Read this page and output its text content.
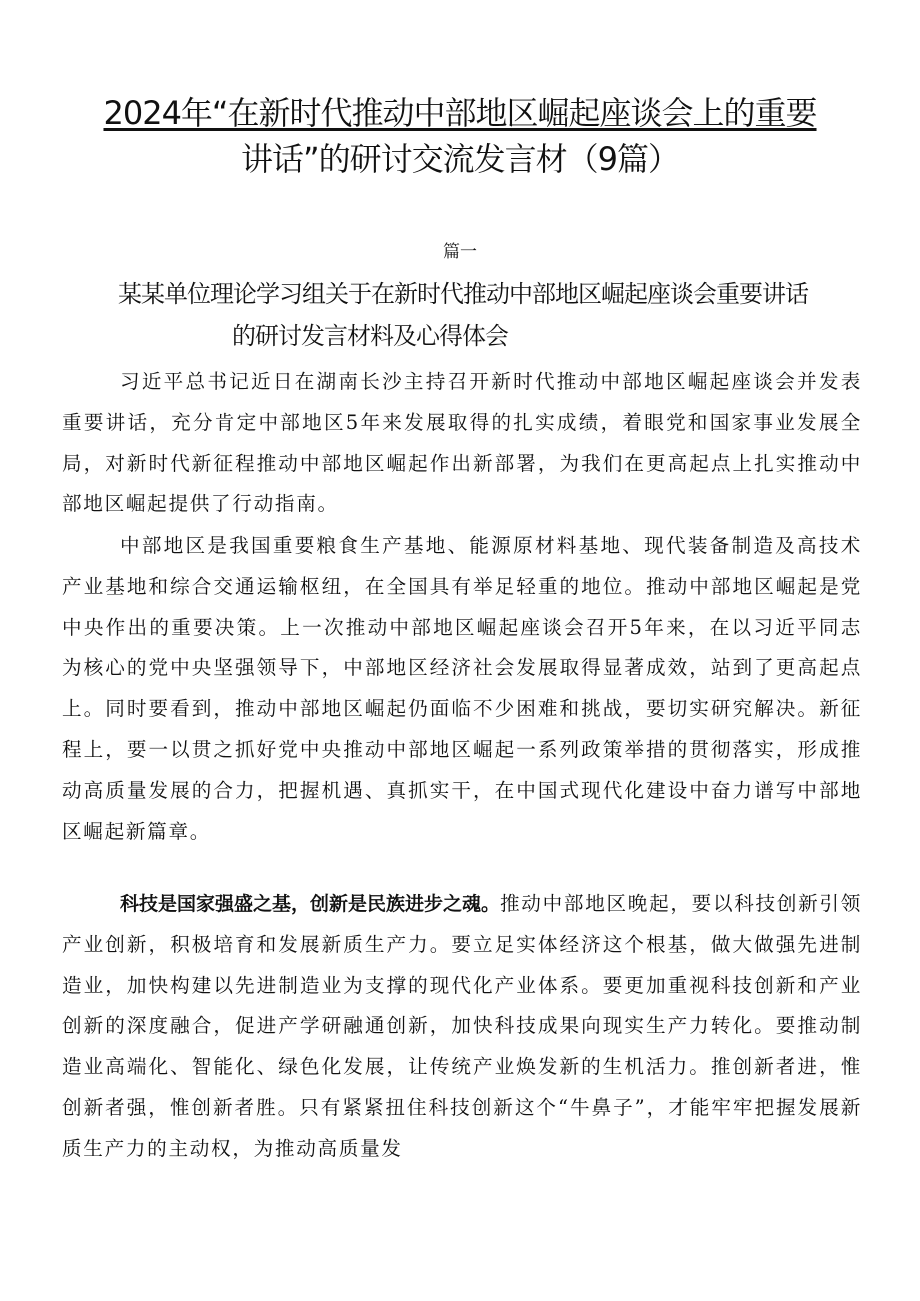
2024年“在新时代推动中部地区崛起座谈会上的重要
讲话”的研讨交流发言材（9篇）
篇一
某某单位理论学习组关于在新时代推动中部地区崛起座谈会重要讲话
的研讨发言材料及心得体会

习近平总书记近日在湖南长沙主持召开新时代推动中部地区崛起座谈会并发表重要讲话，充分肯定中部地区5年来发展取得的扎实成绩，着眼党和国家事业发展全局，对新时代新征程推动中部地区崛起作出新部署，为我们在更高起点上扎实推动中部地区崛起提供了行动指南。

中部地区是我国重要粮食生产基地、能源原材料基地、现代装备制造及高技术产业基地和综合交通运输枢纽，在全国具有举足轻重的地位。推动中部地区崛起是党中央作出的重要决策。上一次推动中部地区崛起座谈会召开5年来，在以习近平同志为核心的党中央坚强领导下，中部地区经济社会发展取得显著成效，站到了更高起点上。同时要看到，推动中部地区崛起仍面临不少困难和挑战，要切实研究解决。新征程上，要一以贯之抓好党中央推动中部地区崛起一系列政策举措的贯彻落实，形成推动高质量发展的合力，把握机遇、真抓实干，在中国式现代化建设中奋力谱写中部地区崛起新篇章。

科技是国家强盛之基，创新是民族进步之魂。推动中部地区晚起，要以科技创新引领产业创新，积极培育和发展新质生产力。要立足实体经济这个根基，做大做强先进制造业，加快构建以先进制造业为支撑的现代化产业体系。要更加重视科技创新和产业创新的深度融合，促进产学研融通创新，加快科技成果向现实生产力转化。要推动制造业高端化、智能化、绿色化发展，让传统产业焕发新的生机活力。推创新者进，惟创新者强，惟创新者胜。只有紧紧扭住科技创新这个“牛鼻子”，才能牢牢把握发展新质生产力的主动权，为推动高质量发
